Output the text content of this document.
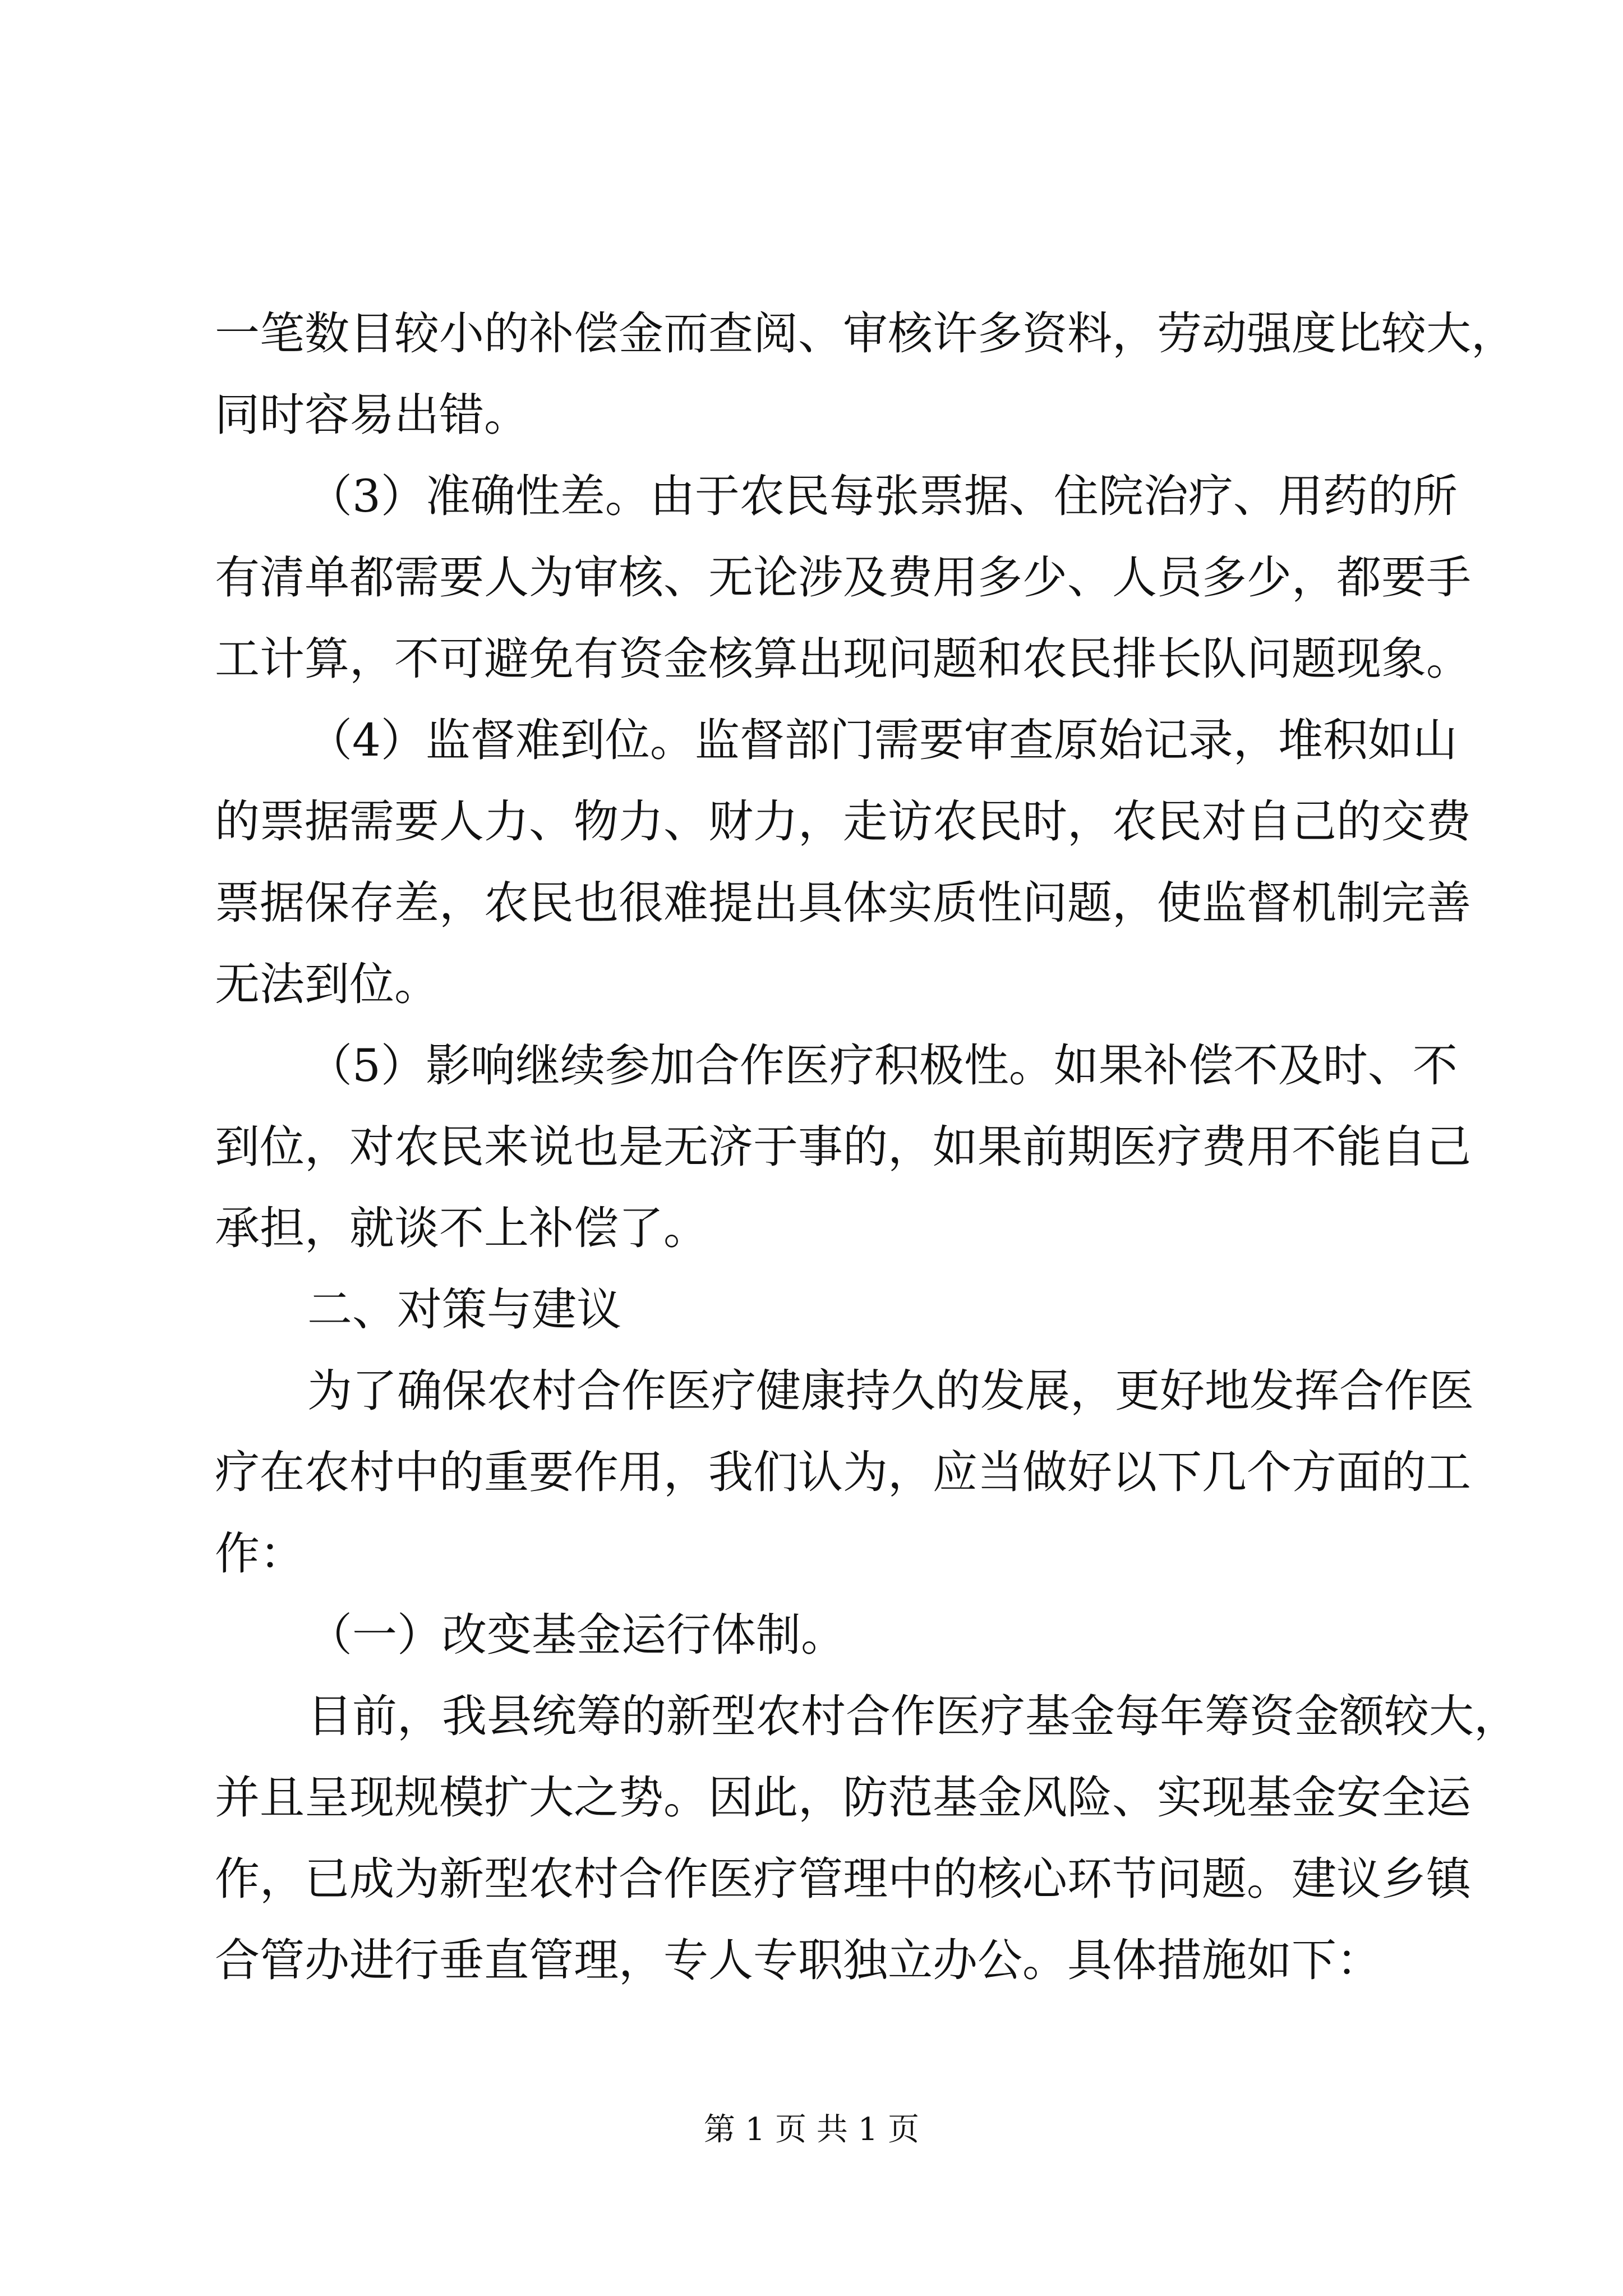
一笔数目较小的补偿金而查阅、审核许多资料，劳动强度比较大，
同时容易出错。
（3）准确性差。由于农民每张票据、住院治疗、用药的所
有清单都需要人为审核、无论涉及费用多少、人员多少，都要手
工计算，不可避免有资金核算出现问题和农民排长队问题现象。
（4）监督难到位。监督部门需要审查原始记录，堆积如山
的票据需要人力、物力、财力，走访农民时，农民对自己的交费
票据保存差，农民也很难提出具体实质性问题，使监督机制完善
无法到位。
（5）影响继续参加合作医疗积极性。如果补偿不及时、不
到位，对农民来说也是无济于事的，如果前期医疗费用不能自己
承担，就谈不上补偿了。
二、对策与建议
为了确保农村合作医疗健康持久的发展，更好地发挥合作医
疗在农村中的重要作用，我们认为，应当做好以下几个方面的工
作：
（一）改变基金运行体制。
目前，我县统筹的新型农村合作医疗基金每年筹资金额较大，
并且呈现规模扩大之势。因此，防范基金风险、实现基金安全运
作，已成为新型农村合作医疗管理中的核心环节问题。建议乡镇
合管办进行垂直管理，专人专职独立办公。具体措施如下：
第 1 页 共 1 页
